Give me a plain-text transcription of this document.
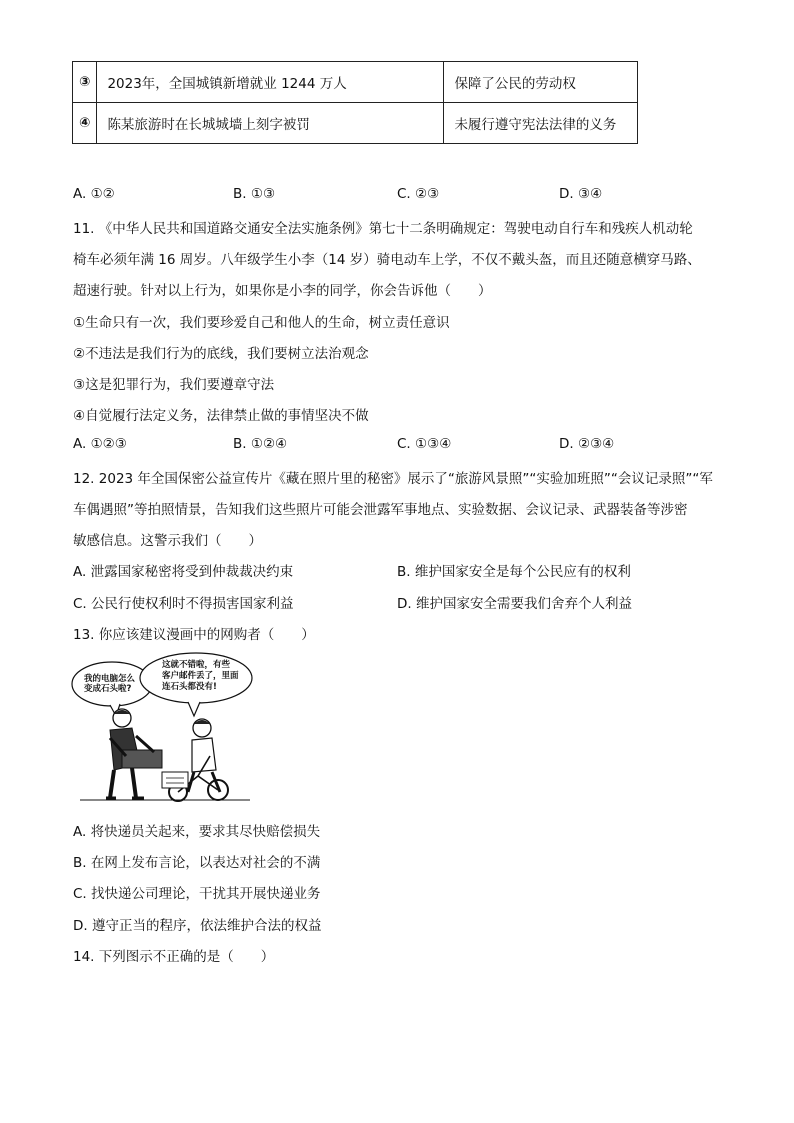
③	2023年，全国城镇新增就业 1244 万人	保障了公民的劳动权
④	陈某旅游时在长城城墙上刻字被罚	未履行遵守宪法法律的义务
A. ①②	B. ①③	C. ②③	D. ③④
11. 《中华人民共和国道路交通安全法实施条例》第七十二条明确规定：驾驶电动自行车和残疾人机动轮
椅车必须年满 16 周岁。八年级学生小李（14 岁）骑电动车上学，不仅不戴头盔，而且还随意横穿马路、
超速行驶。针对以上行为，如果你是小李的同学，你会告诉他（　　）
①生命只有一次，我们要珍爱自己和他人的生命，树立责任意识
②不违法是我们行为的底线，我们要树立法治观念
③这是犯罪行为，我们要遵章守法
④自觉履行法定义务，法律禁止做的事情坚决不做
A. ①②③	B. ①②④	C. ①③④	D. ②③④
12. 2023 年全国保密公益宣传片《藏在照片里的秘密》展示了“旅游风景照”“实验加班照”“会议记录照”“军
车偶遇照”等拍照情景，告知我们这些照片可能会泄露军事地点、实验数据、会议记录、武器装备等涉密
敏感信息。这警示我们（　　）
A. 泄露国家秘密将受到仲裁裁决约束	B. 维护国家安全是每个公民应有的权利
C. 公民行使权利时不得损害国家利益	D. 维护国家安全需要我们舍弃个人利益
13. 你应该建议漫画中的网购者（　　）
我的电脑怎么
变成石头啦?
这就不错啦，有些
客户邮件丢了，里面
连石头都没有!
A. 将快递员关起来，要求其尽快赔偿损失
B. 在网上发布言论，以表达对社会的不满
C. 找快递公司理论，干扰其开展快递业务
D. 遵守正当的程序，依法维护合法的权益
14. 下列图示不正确的是（　　）
